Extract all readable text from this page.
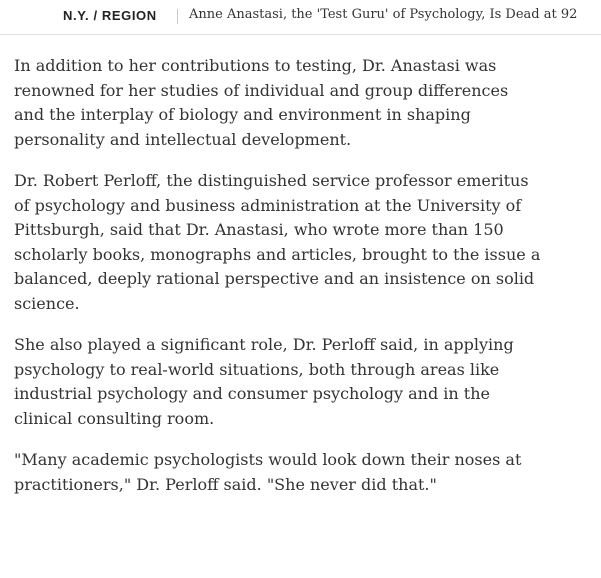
N.Y. / REGION Anne Anastasi, the 'Test Guru' of Psychology, Is Dead at 92

In addition to her contributions to testing, Dr. Anastasi was
renowned for her studies of individual and group differences
and the interplay of biology and environment in shaping
personality and intellectual development.

Dr. Robert Perloff, the distinguished service professor emeritus
of psychology and business administration at the University of
Pittsburgh, said that Dr. Anastasi, who wrote more than 150
scholarly books, monographs and articles, brought to the issue a
balanced, deeply rational perspective and an insistence on solid
science.

She also played a significant role, Dr. Perloff said, in applying
psychology to real-world situations, both through areas like
industrial psychology and consumer psychology and in the
clinical consulting room.

"Many academic psychologists would look down their noses at
practitioners," Dr. Perloff said. "She never did that."
